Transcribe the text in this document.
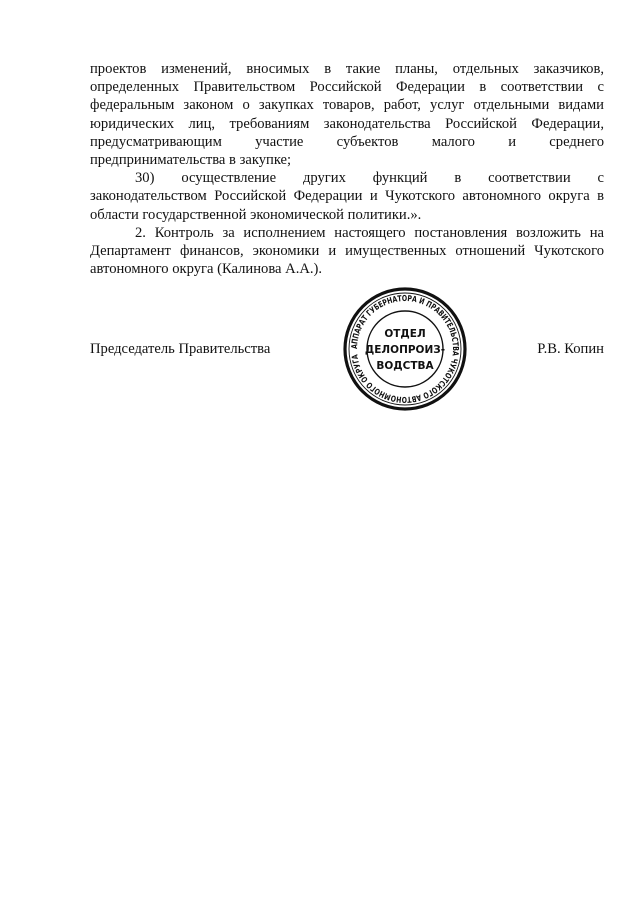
проектов изменений, вносимых в такие планы, отдельных заказчиков,
определенных Правительством Российской Федерации в соответствии с
федеральным законом о закупках товаров, работ, услуг отдельными видами
юридических лиц, требованиям законодательства Российской Федерации,
предусматривающим участие субъектов малого и среднего
предпринимательства в закупке;
30) осуществление других функций в соответствии с
законодательством Российской Федерации и Чукотского автономного округа в
области государственной экономической политики.».
2. Контроль за исполнением настоящего постановления возложить на
Департамент финансов, экономики и имущественных отношений Чукотского
автономного округа (Калинова А.А.).
Председатель Правительства	Р.В. Копин
АППАРАТ ГУБЕРНАТОРА И ПРАВИТЕЛЬСТВА ЧУКОТСКОГО АВТОНОМНОГО ОКРУГА
ОТДЕЛ
ДЕЛОПРОИЗ-
ВОДСТВА
